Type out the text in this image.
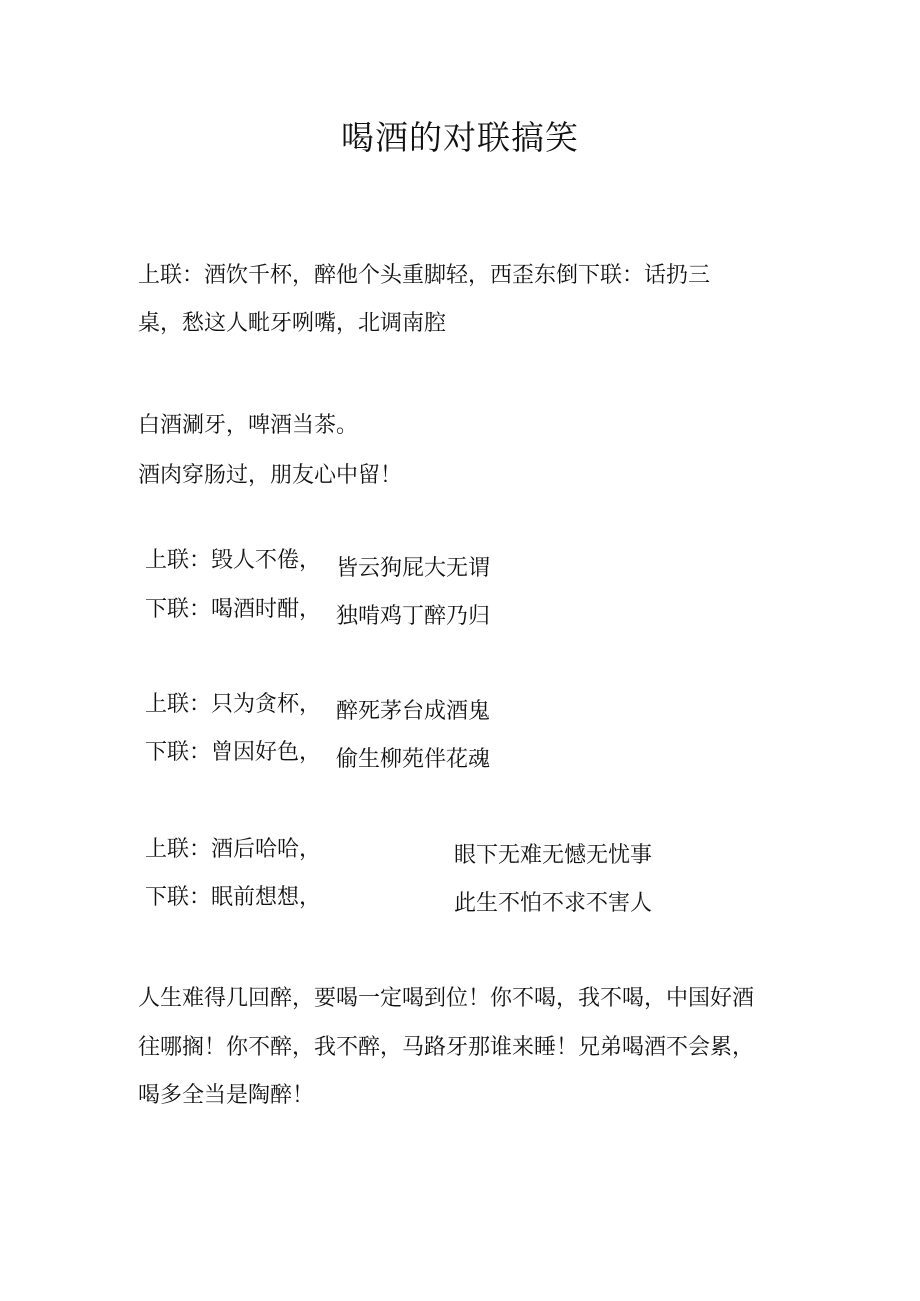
喝酒的对联搞笑
上联：酒饮千杯，醉他个头重脚轻，西歪东倒下联：话扔三
桌，愁这人毗牙咧嘴，北调南腔
白酒涮牙，啤酒当茶。
酒肉穿肠过，朋友心中留！
上联：毁人不倦， 皆云狗屁大无谓
下联：喝酒时酣， 独啃鸡丁醉乃归
上联：只为贪杯， 醉死茅台成酒鬼
下联：曾因好色， 偷生柳苑伴花魂
上联：酒后哈哈，	眼下无难无憾无忧事
下联：眠前想想，	此生不怕不求不害人
人生难得几回醉，要喝一定喝到位！你不喝，我不喝，中国好酒
往哪搁！你不醉，我不醉，马路牙那谁来睡！兄弟喝酒不会累，
喝多全当是陶醉！
